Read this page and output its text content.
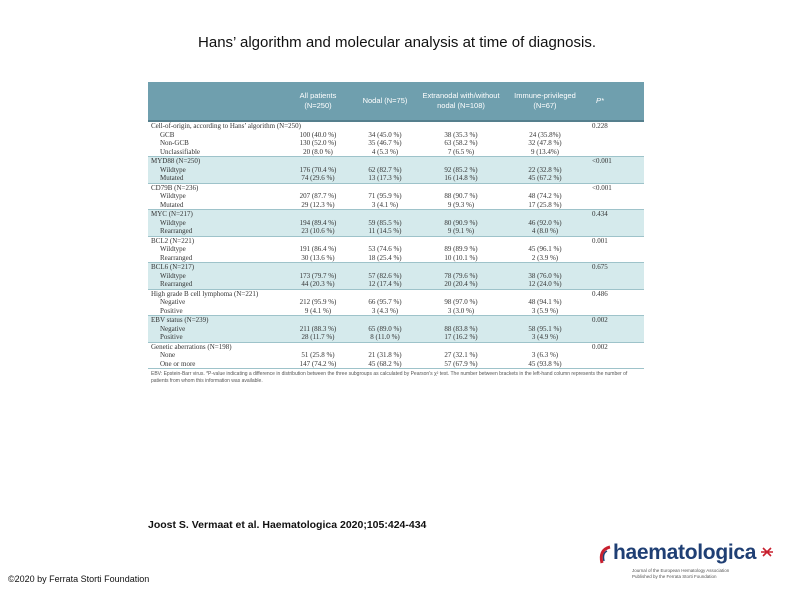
Hans’ algorithm and molecular analysis at time of diagnosis.
	All patients (N=250)	Nodal (N=75)	Extranodal with/without nodal (N=108)	Immune-privileged (N=67)	P*
Cell-of-origin, according to Hans’ algorithm (N=250)					0.228
GCB	100 (40.0 %)	34 (45.0 %)	38 (35.3 %)	24 (35.8%)	
Non-GCB	130 (52.0 %)	35 (46.7 %)	63 (58.2 %)	32 (47.8 %)	
Unclassifiable	20 (8.0 %)	4 (5.3 %)	7 (6.5 %)	9 (13.4%)	
MYD88 (N=250)					<0.001
Wildtype	176 (70.4 %)	62 (82.7 %)	92 (85.2 %)	22 (32.8 %)	
Mutated	74 (29.6 %)	13 (17.3 %)	16 (14.8 %)	45 (67.2 %)	
CD79B (N=236)					<0.001
Wildtype	207 (87.7 %)	71 (95.9 %)	88 (90.7 %)	48 (74.2 %)	
Mutated	29 (12.3 %)	3 (4.1 %)	9 (9.3 %)	17 (25.8 %)	
MYC (N=217)					0.434
Wildtype	194 (89.4 %)	59 (85.5 %)	80 (90.9 %)	46 (92.0 %)	
Rearranged	23 (10.6 %)	11 (14.5 %)	9 (9.1 %)	4 (8.0 %)	
BCL2 (N=221)					0.001
Wildtype	191 (86.4 %)	53 (74.6 %)	89 (89.9 %)	45 (96.1 %)	
Rearranged	30 (13.6 %)	18 (25.4 %)	10 (10.1 %)	2 (3.9 %)	
BCL6 (N=217)					0.675
Wildtype	173 (79.7 %)	57 (82.6 %)	78 (79.6 %)	38 (76.0 %)	
Rearranged	44 (20.3 %)	12 (17.4 %)	20 (20.4 %)	12 (24.0 %)	
High grade B cell lymphoma (N=221)					0.486
Negative	212 (95.9 %)	66 (95.7 %)	98 (97.0 %)	48 (94.1 %)	
Positive	9 (4.1 %)	3 (4.3 %)	3 (3.0 %)	3 (5.9 %)	
EBV status (N=239)					0.002
Negative	211 (88.3 %)	65 (89.0 %)	88 (83.8 %)	58 (95.1 %)	
Positive	28 (11.7 %)	8 (11.0 %)	17 (16.2 %)	3 (4.9 %)	
Genetic aberrations (N=198)					0.002
None	51 (25.8 %)	21 (31.8 %)	27 (32.1 %)	3 (6.3 %)	
One or more	147 (74.2 %)	45 (68.2 %)	57 (67.9 %)	45 (93.8 %)	
EBV: Epstein-Barr virus. *P-value indicating a difference in distribution between the three subgroups as calculated by Pearson's χ² test. The number between brackets in the left-hand column represents the number of patients from whom this information was available.
Joost S. Vermaat et al. Haematologica 2020;105:424-434
©2020 by Ferrata Storti Foundation
haematologica
Journal of the European Hematology Association
Published by the Ferrata Storti Foundation
